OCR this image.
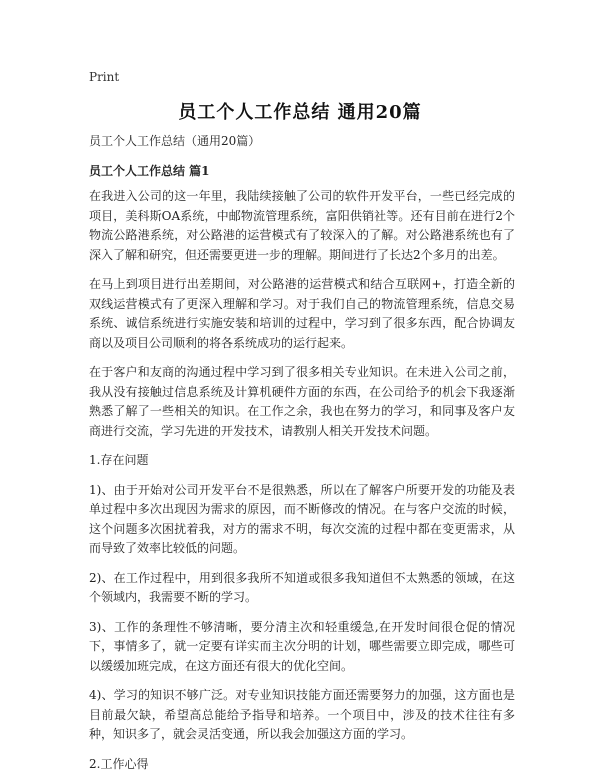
Print
员工个人工作总结 通用20篇

员工个人工作总结（通用20篇）

员工个人工作总结 篇1

在我进入公司的这一年里，我陆续接触了公司的软件开发平台，一些已经完成的项目，美科斯OA系统，中邮物流管理系统，富阳供销社等。还有目前在进行2个物流公路港系统，对公路港的运营模式有了较深入的了解。对公路港系统也有了深入了解和研究，但还需要更进一步的理解。期间进行了长达2个多月的出差。

在马上到项目进行出差期间，对公路港的运营模式和结合互联网+，打造全新的双线运营模式有了更深入理解和学习。对于我们自己的物流管理系统，信息交易系统、诚信系统进行实施安装和培训的过程中，学习到了很多东西，配合协调友商以及项目公司顺利的将各系统成功的运行起来。

在于客户和友商的沟通过程中学习到了很多相关专业知识。在未进入公司之前，我从没有接触过信息系统及计算机硬件方面的东西，在公司给予的机会下我逐渐熟悉了解了一些相关的知识。在工作之余，我也在努力的学习，和同事及客户友商进行交流，学习先进的开发技术，请教别人相关开发技术问题。

1.存在问题

1)、由于开始对公司开发平台不是很熟悉，所以在了解客户所要开发的功能及表单过程中多次出现因为需求的原因，而不断修改的情况。在与客户交流的时候，这个问题多次困扰着我，对方的需求不明，每次交流的过程中都在变更需求，从而导致了效率比较低的问题。

2)、在工作过程中，用到很多我所不知道或很多我知道但不太熟悉的领域，在这个领域内，我需要不断的学习。

3)、工作的条理性不够清晰，要分清主次和轻重缓急,在开发时间很仓促的情况下，事情多了，就一定要有详实而主次分明的计划，哪些需要立即完成，哪些可以缓缓加班完成，在这方面还有很大的优化空间。

4)、学习的知识不够广泛。对专业知识技能方面还需要努力的加强，这方面也是目前最欠缺，希望高总能给予指导和培养。一个项目中，涉及的技术往往有多种，知识多了，就会灵活变通，所以我会加强这方面的学习。

2.工作心得
